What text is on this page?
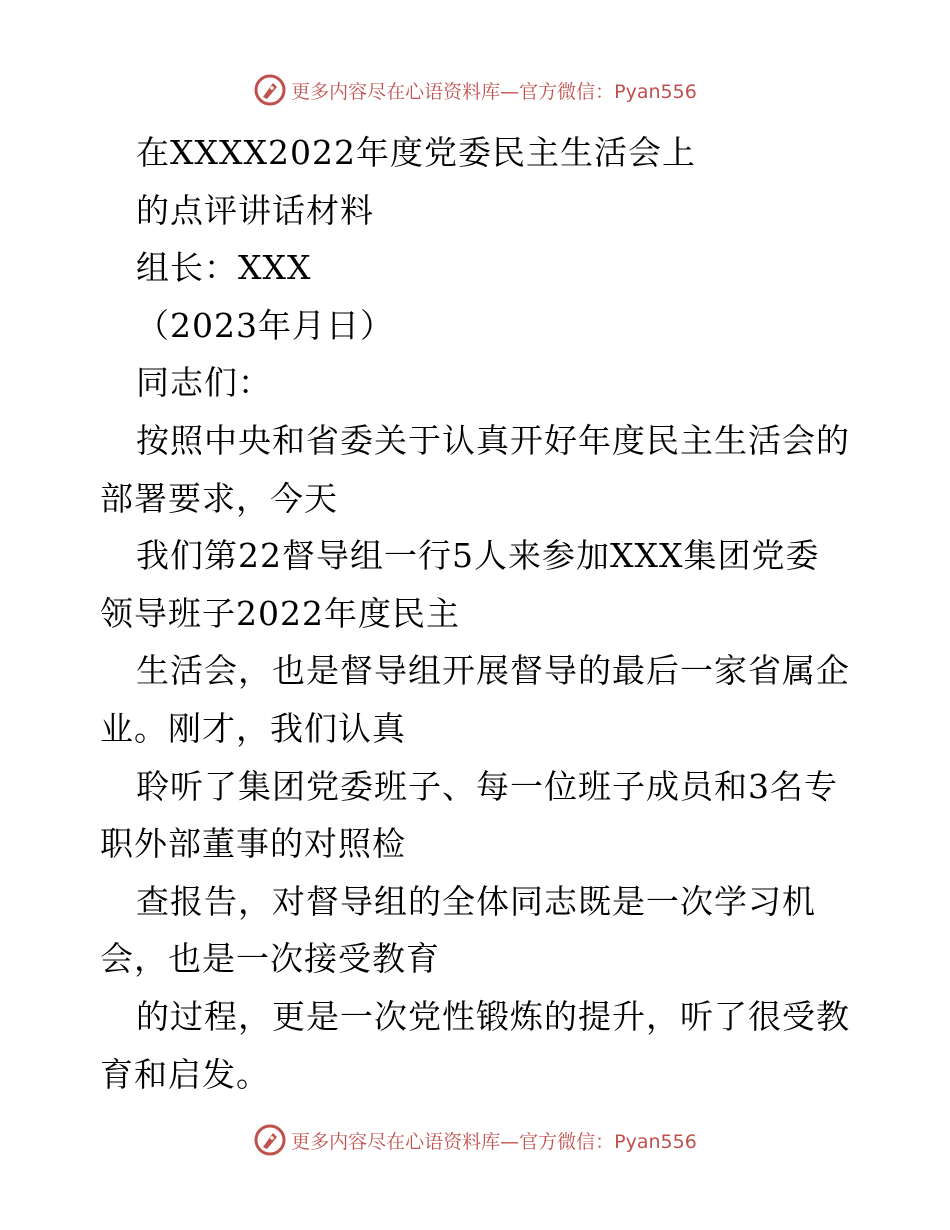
更多内容尽在心语资料库 —官方微信：Pyan556
在XXXX2022年度党委民主生活会上
的点评讲话材料
组长：XXX
（2023年月日）
同志们：
按照中央和省委关于认真开好年度民主生活会的
部署要求，今天
我们第22督导组一行5人来参加XXX集团党委
领导班子2022年度民主
生活会，也是督导组开展督导的最后一家省属企
业。刚才，我们认真
聆听了集团党委班子、每一位班子成员和3名专
职外部董事的对照检
查报告，对督导组的全体同志既是一次学习机
会，也是一次接受教育
的过程，更是一次党性锻炼的提升，听了很受教
育和启发。
更多内容尽在心语资料库 —官方微信：Pyan556
